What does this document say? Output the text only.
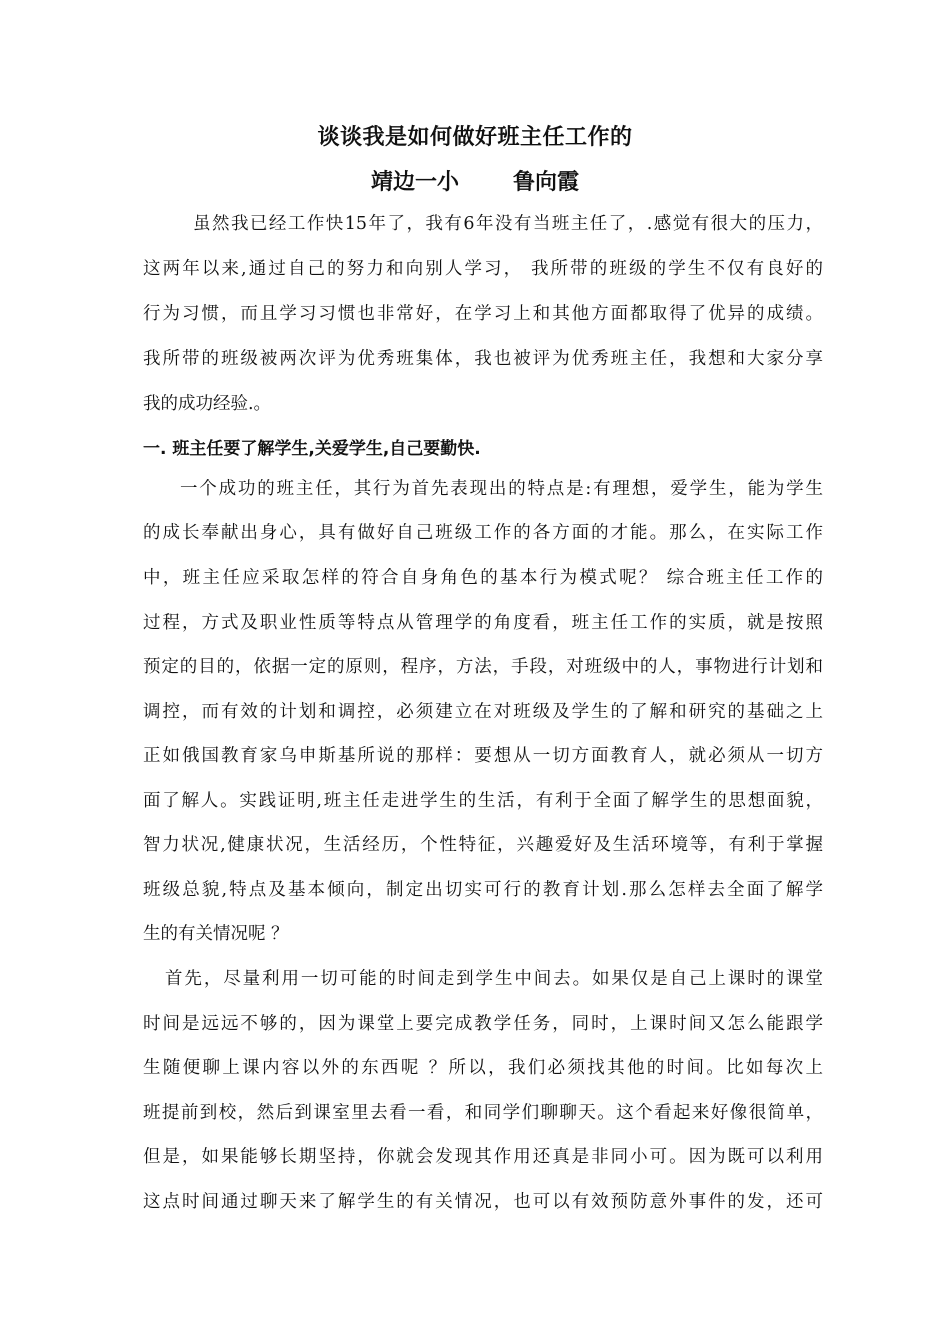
谈谈我是如何做好班主任工作的
靖边一小 鲁向霞
虽然我已经工作快15年了，我有6年没有当班主任了，.感觉有很大的压力，
这两年以来,通过自己的努力和向别人学习， 我所带的班级的学生不仅有良好的
行为习惯，而且学习习惯也非常好，在学习上和其他方面都取得了优异的成绩。
我所带的班级被两次评为优秀班集体，我也被评为优秀班主任，我想和大家分享
我的成功经验.。
一. 班主任要了解学生,关爱学生,自己要勤快.
一个成功的班主任，其行为首先表现出的特点是:有理想，爱学生，能为学生
的成长奉献出身心，具有做好自己班级工作的各方面的才能。那么，在实际工作
中，班主任应采取怎样的符合自身角色的基本行为模式呢？ 综合班主任工作的
过程，方式及职业性质等特点从管理学的角度看，班主任工作的实质，就是按照
预定的目的，依据一定的原则，程序，方法，手段，对班级中的人，事物进行计划和
调控，而有效的计划和调控，必须建立在对班级及学生的了解和研究的基础之上
正如俄国教育家乌申斯基所说的那样：要想从一切方面教育人，就必须从一切方
面了解人。实践证明,班主任走进学生的生活，有利于全面了解学生的思想面貌，
智力状况,健康状况，生活经历，个性特征，兴趣爱好及生活环境等，有利于掌握
班级总貌,特点及基本倾向，制定出切实可行的教育计划.那么怎样去全面了解学
生的有关情况呢 ？
首先，尽量利用一切可能的时间走到学生中间去。如果仅是自己上课时的课堂
时间是远远不够的，因为课堂上要完成教学任务，同时，上课时间又怎么能跟学
生随便聊上课内容以外的东西呢 ？所以，我们必须找其他的时间。比如每次上
班提前到校，然后到课室里去看一看，和同学们聊聊天。这个看起来好像很简单，
但是，如果能够长期坚持，你就会发现其作用还真是非同小可。因为既可以利用
这点时间通过聊天来了解学生的有关情况，也可以有效预防意外事件的发，还可
